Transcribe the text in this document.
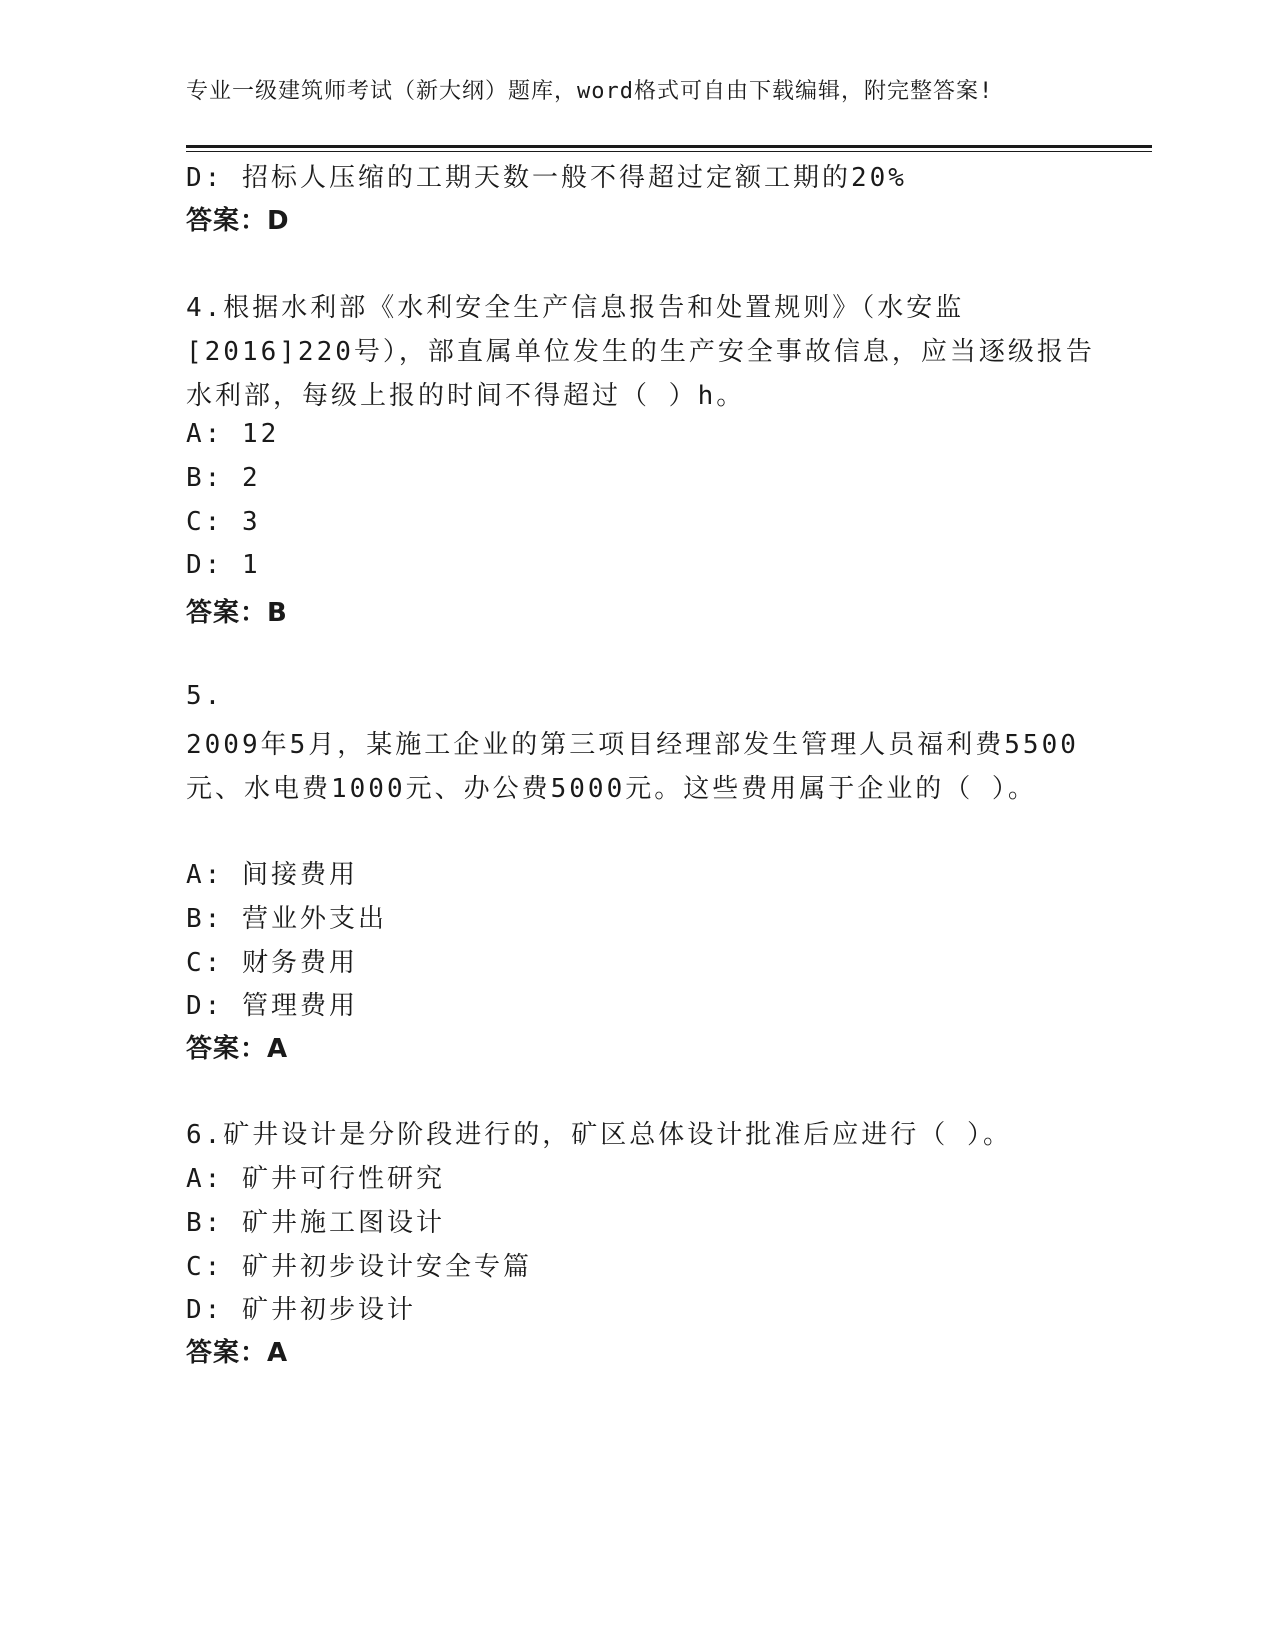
专业一级建筑师考试（新大纲）题库，word格式可自由下载编辑，附完整答案!
D: 招标人压缩的工期天数一般不得超过定额工期的20%
答案：D
4.根据水利部《水利安全生产信息报告和处置规则》（水安监
[2016]220号），部直属单位发生的生产安全事故信息，应当逐级报告
水利部，每级上报的时间不得超过（ ）h。
A: 12
B: 2
C: 3
D: 1
答案：B
5.
2009年5月，某施工企业的第三项目经理部发生管理人员福利费5500
元、水电费1000元、办公费5000元。这些费用属于企业的（ ）。
A: 间接费用
B: 营业外支出
C: 财务费用
D: 管理费用
答案：A
6.矿井设计是分阶段进行的，矿区总体设计批准后应进行（ ）。
A: 矿井可行性研究
B: 矿井施工图设计
C: 矿井初步设计安全专篇
D: 矿井初步设计
答案：A
